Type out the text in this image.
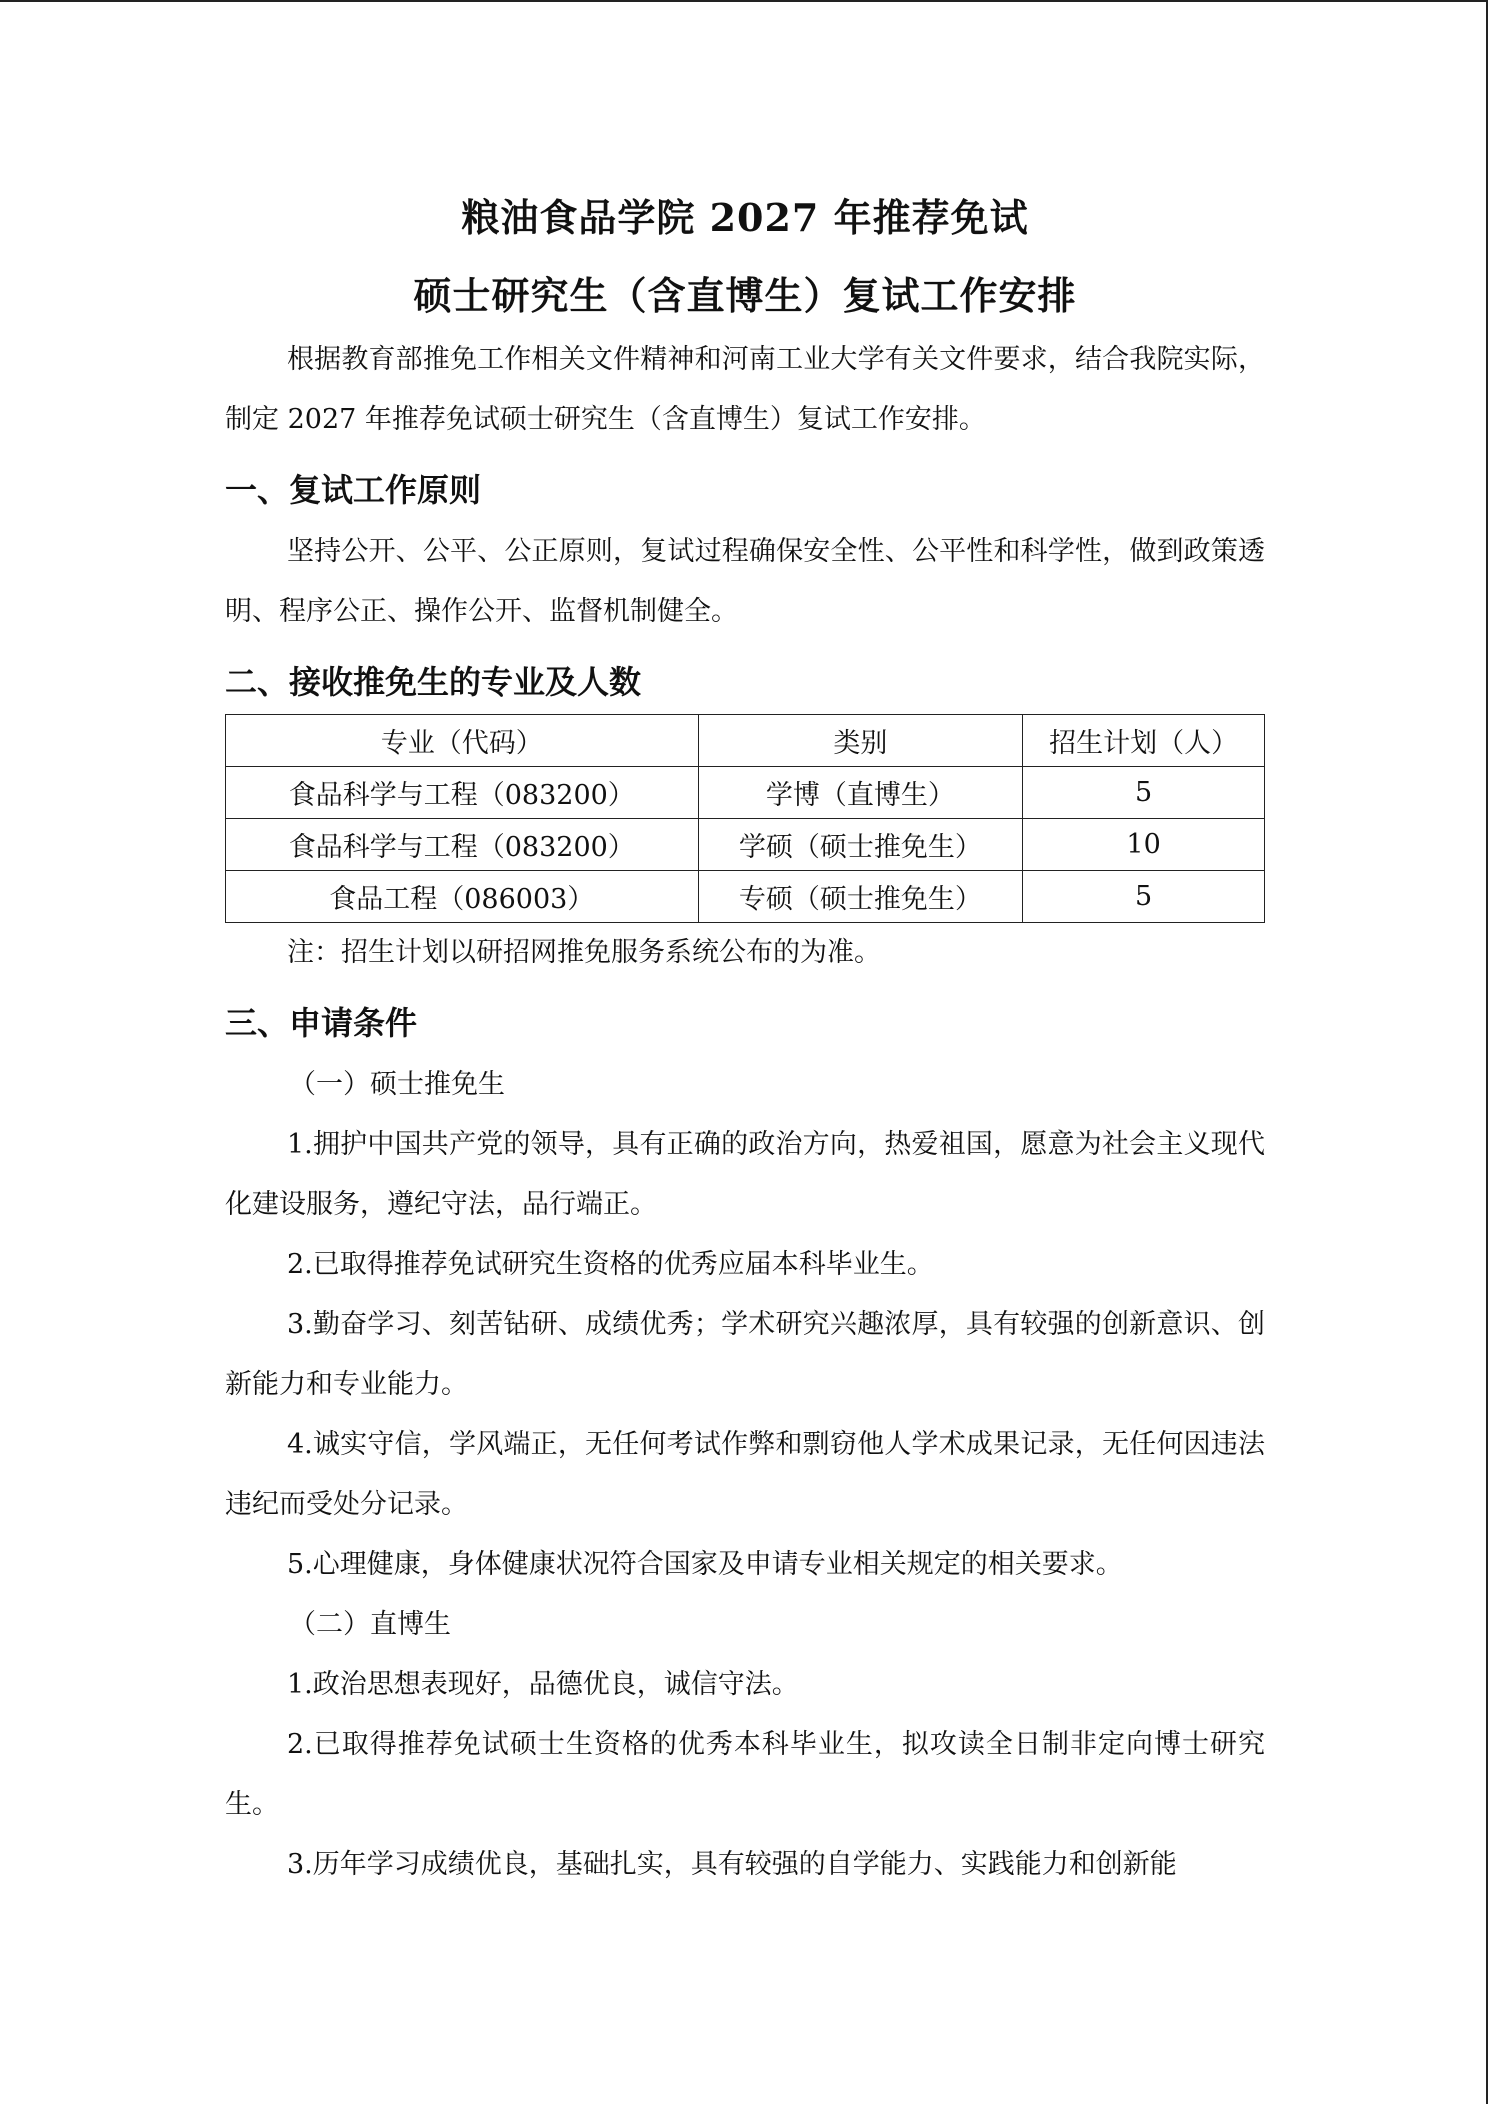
粮油食品学院 2027 年推荐免试
硕士研究生（含直博生）复试工作安排

根据教育部推免工作相关文件精神和河南工业大学有关文件要求，结合我院实际，制定 2027 年推荐免试硕士研究生（含直博生）复试工作安排。

一、复试工作原则

坚持公开、公平、公正原则，复试过程确保安全性、公平性和科学性，做到政策透明、程序公正、操作公开、监督机制健全。

二、接收推免生的专业及人数
专业（代码）	类别	招生计划（人）
食品科学与工程（083200）	学博（直博生）	5
食品科学与工程（083200）	学硕（硕士推免生）	10
食品工程（086003）	专硕（硕士推免生）	5

注：招生计划以研招网推免服务系统公布的为准。

三、申请条件
（一）硕士推免生

1.拥护中国共产党的领导，具有正确的政治方向，热爱祖国，愿意为社会主义现代化建设服务，遵纪守法，品行端正。

2.已取得推荐免试研究生资格的优秀应届本科毕业生。

3.勤奋学习、刻苦钻研、成绩优秀；学术研究兴趣浓厚，具有较强的创新意识、创新能力和专业能力。

4.诚实守信，学风端正，无任何考试作弊和剽窃他人学术成果记录，无任何因违法违纪而受处分记录。

5.心理健康，身体健康状况符合国家及申请专业相关规定的相关要求。

（二）直博生

1.政治思想表现好，品德优良，诚信守法。

2.已取得推荐免试硕士生资格的优秀本科毕业生，拟攻读全日制非定向博士研究生。

3.历年学习成绩优良，基础扎实，具有较强的自学能力、实践能力和创新能
